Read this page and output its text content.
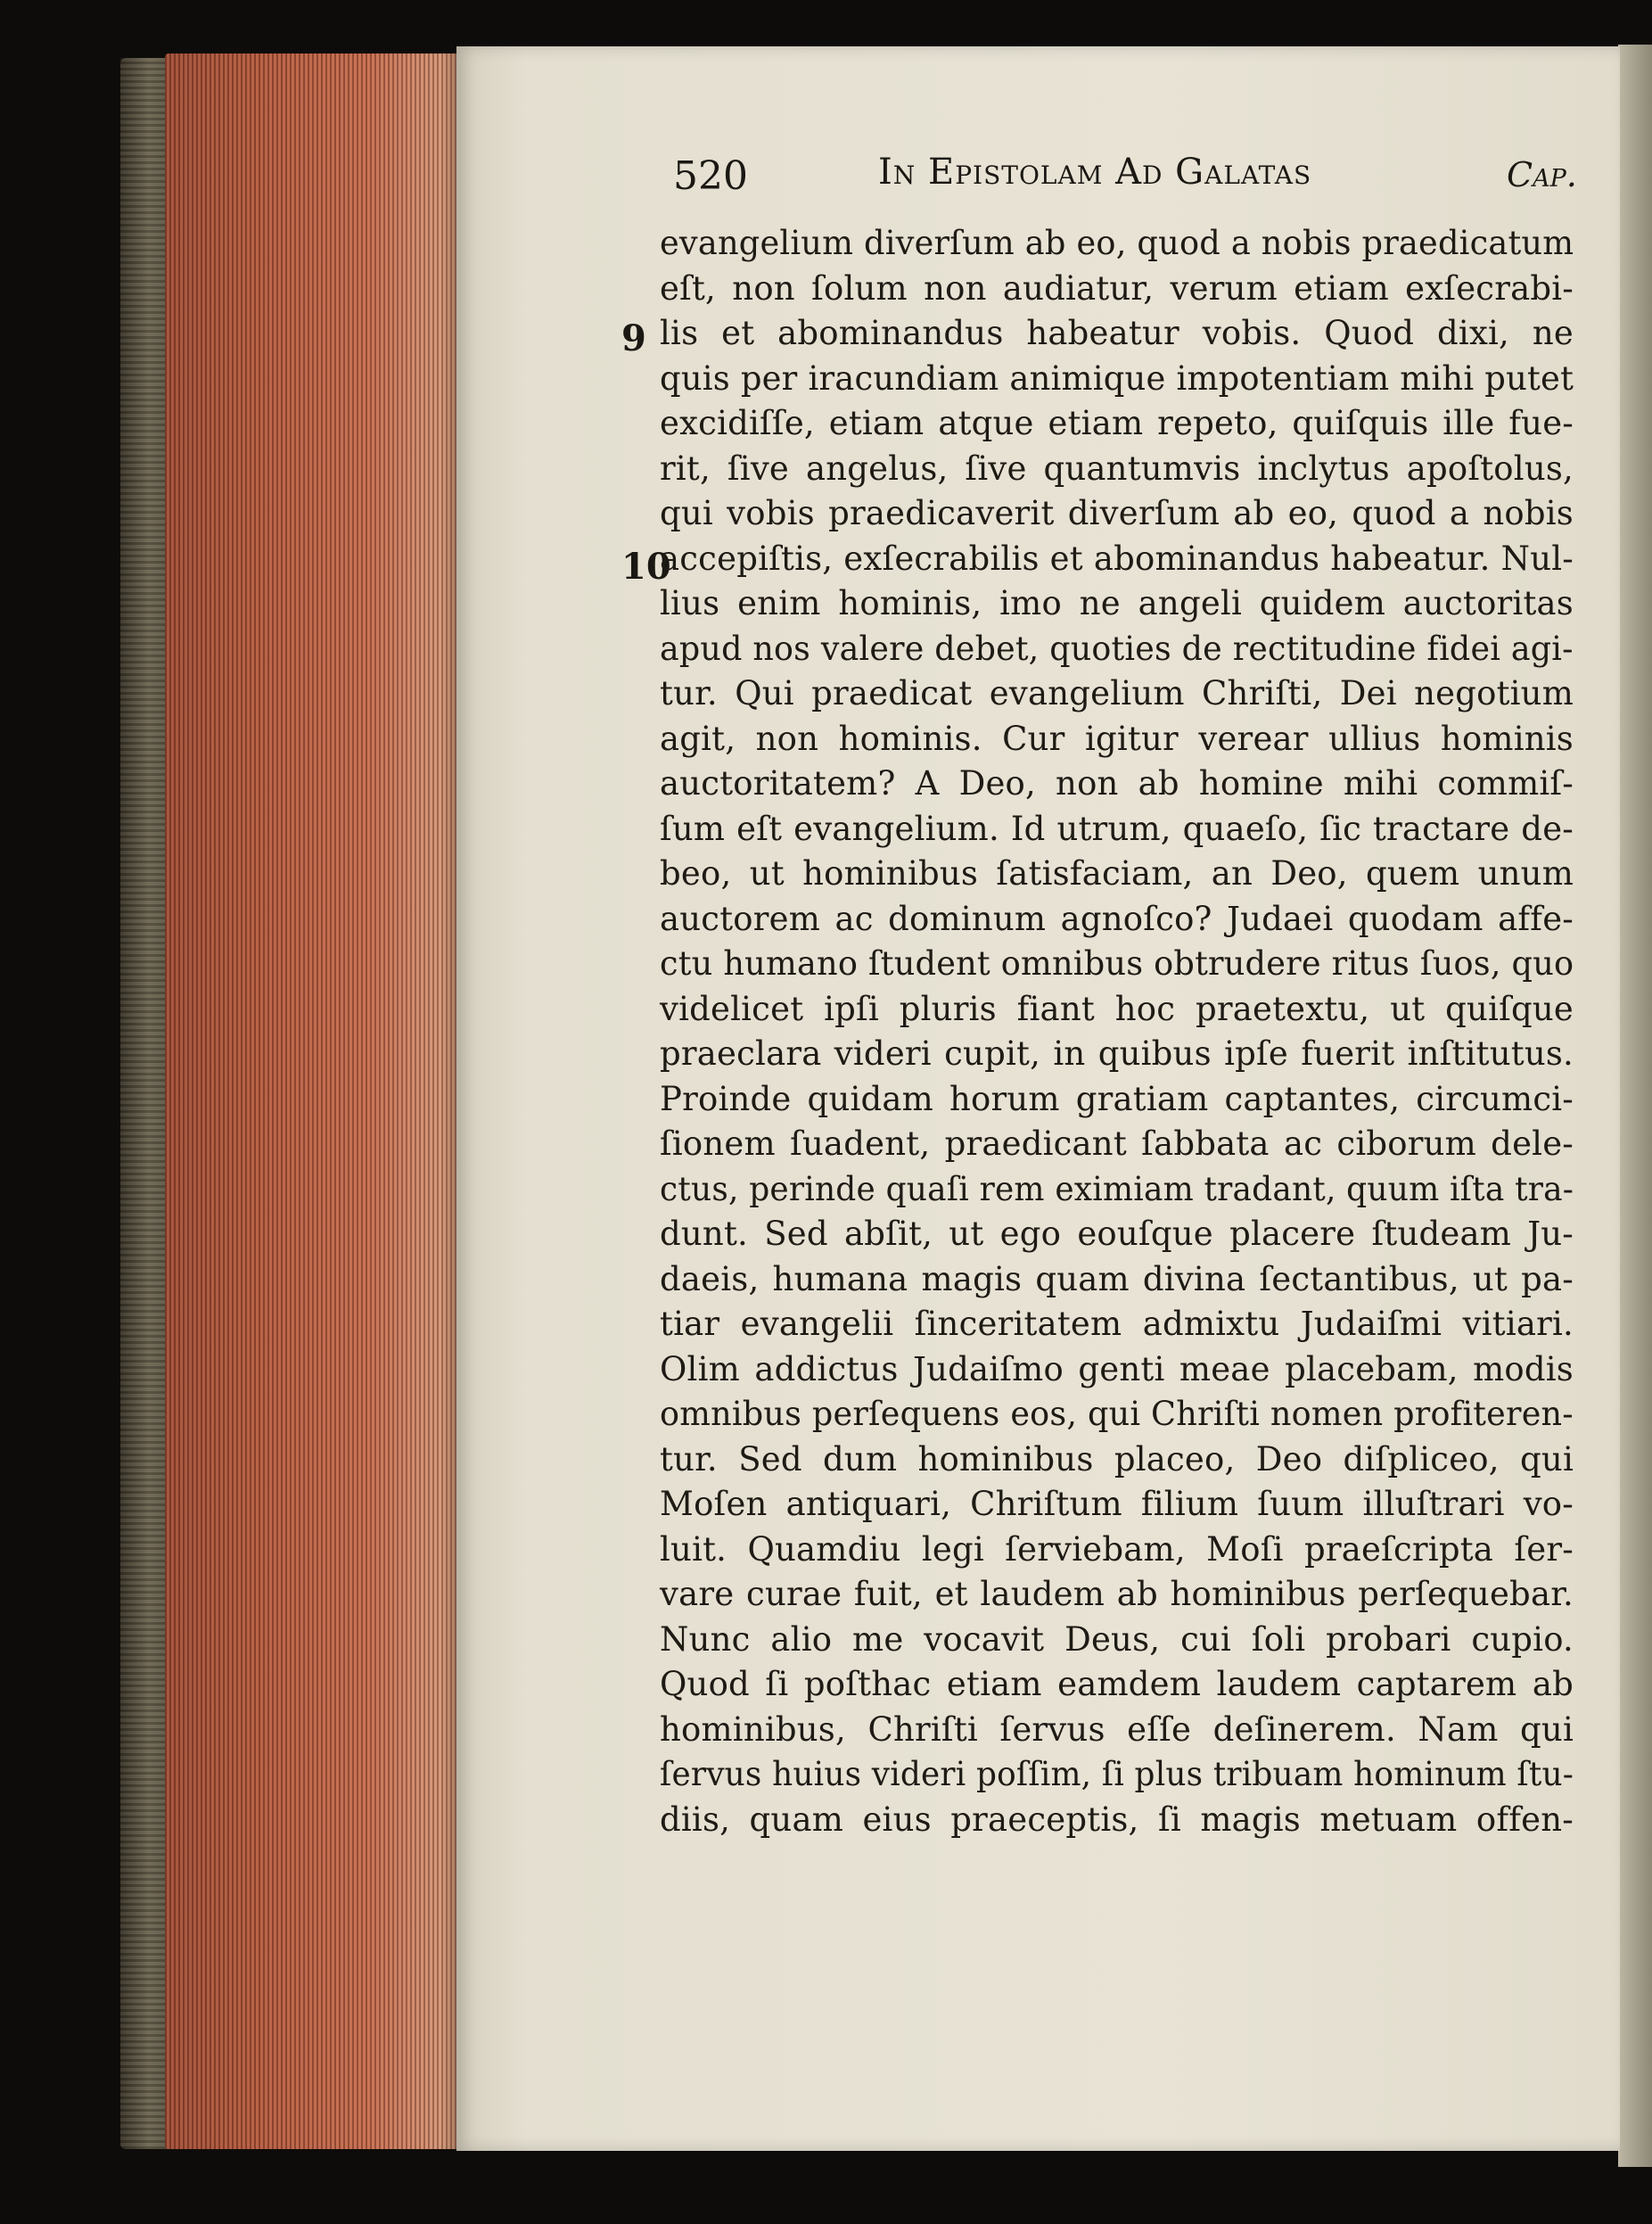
520	In Epistolam Ad Galatas	Cap.
9
10
evangelium diverſum ab eo, quod a nobis praedicatum
eſt, non ſolum non audiatur, verum etiam exſecrabi-
lis et abominandus habeatur vobis. Quod dixi, ne
quis per iracundiam animique impotentiam mihi putet
excidiſſe, etiam atque etiam repeto, quiſquis ille fue-
rit, ſive angelus, ſive quantumvis inclytus apoſtolus,
qui vobis praedicaverit diverſum ab eo, quod a nobis
accepiſtis, exſecrabilis et abominandus habeatur. Nul-
lius enim hominis, imo ne angeli quidem auctoritas
apud nos valere debet, quoties de rectitudine fidei agi-
tur. Qui praedicat evangelium Chriſti, Dei negotium
agit, non hominis. Cur igitur verear ullius hominis
auctoritatem? A Deo, non ab homine mihi commiſ-
ſum eſt evangelium. Id utrum, quaeſo, ſic tractare de-
beo, ut hominibus ſatisfaciam, an Deo, quem unum
auctorem ac dominum agnoſco? Judaei quodam affe-
ctu humano ſtudent omnibus obtrudere ritus ſuos, quo
videlicet ipſi pluris fiant hoc praetextu, ut quiſque
praeclara videri cupit, in quibus ipſe fuerit inſtitutus.
Proinde quidam horum gratiam captantes, circumci-
ſionem ſuadent, praedicant ſabbata ac ciborum dele-
ctus, perinde quaſi rem eximiam tradant, quum iſta tra-
dunt. Sed abſit, ut ego eouſque placere ſtudeam Ju-
daeis, humana magis quam divina ſectantibus, ut pa-
tiar evangelii ſinceritatem admixtu Judaiſmi vitiari.
Olim addictus Judaiſmo genti meae placebam, modis
omnibus perſequens eos, qui Chriſti nomen profiteren-
tur. Sed dum hominibus placeo, Deo diſpliceo, qui
Moſen antiquari, Chriſtum filium ſuum illuſtrari vo-
luit. Quamdiu legi ſerviebam, Moſi praeſcripta ſer-
vare curae fuit, et laudem ab hominibus perſequebar.
Nunc alio me vocavit Deus, cui ſoli probari cupio.
Quod ſi poſthac etiam eamdem laudem captarem ab
hominibus, Chriſti ſervus eſſe deſinerem. Nam qui
ſervus huius videri poſſim, ſi plus tribuam hominum ſtu-
diis, quam eius praeceptis, ſi magis metuam offen-
